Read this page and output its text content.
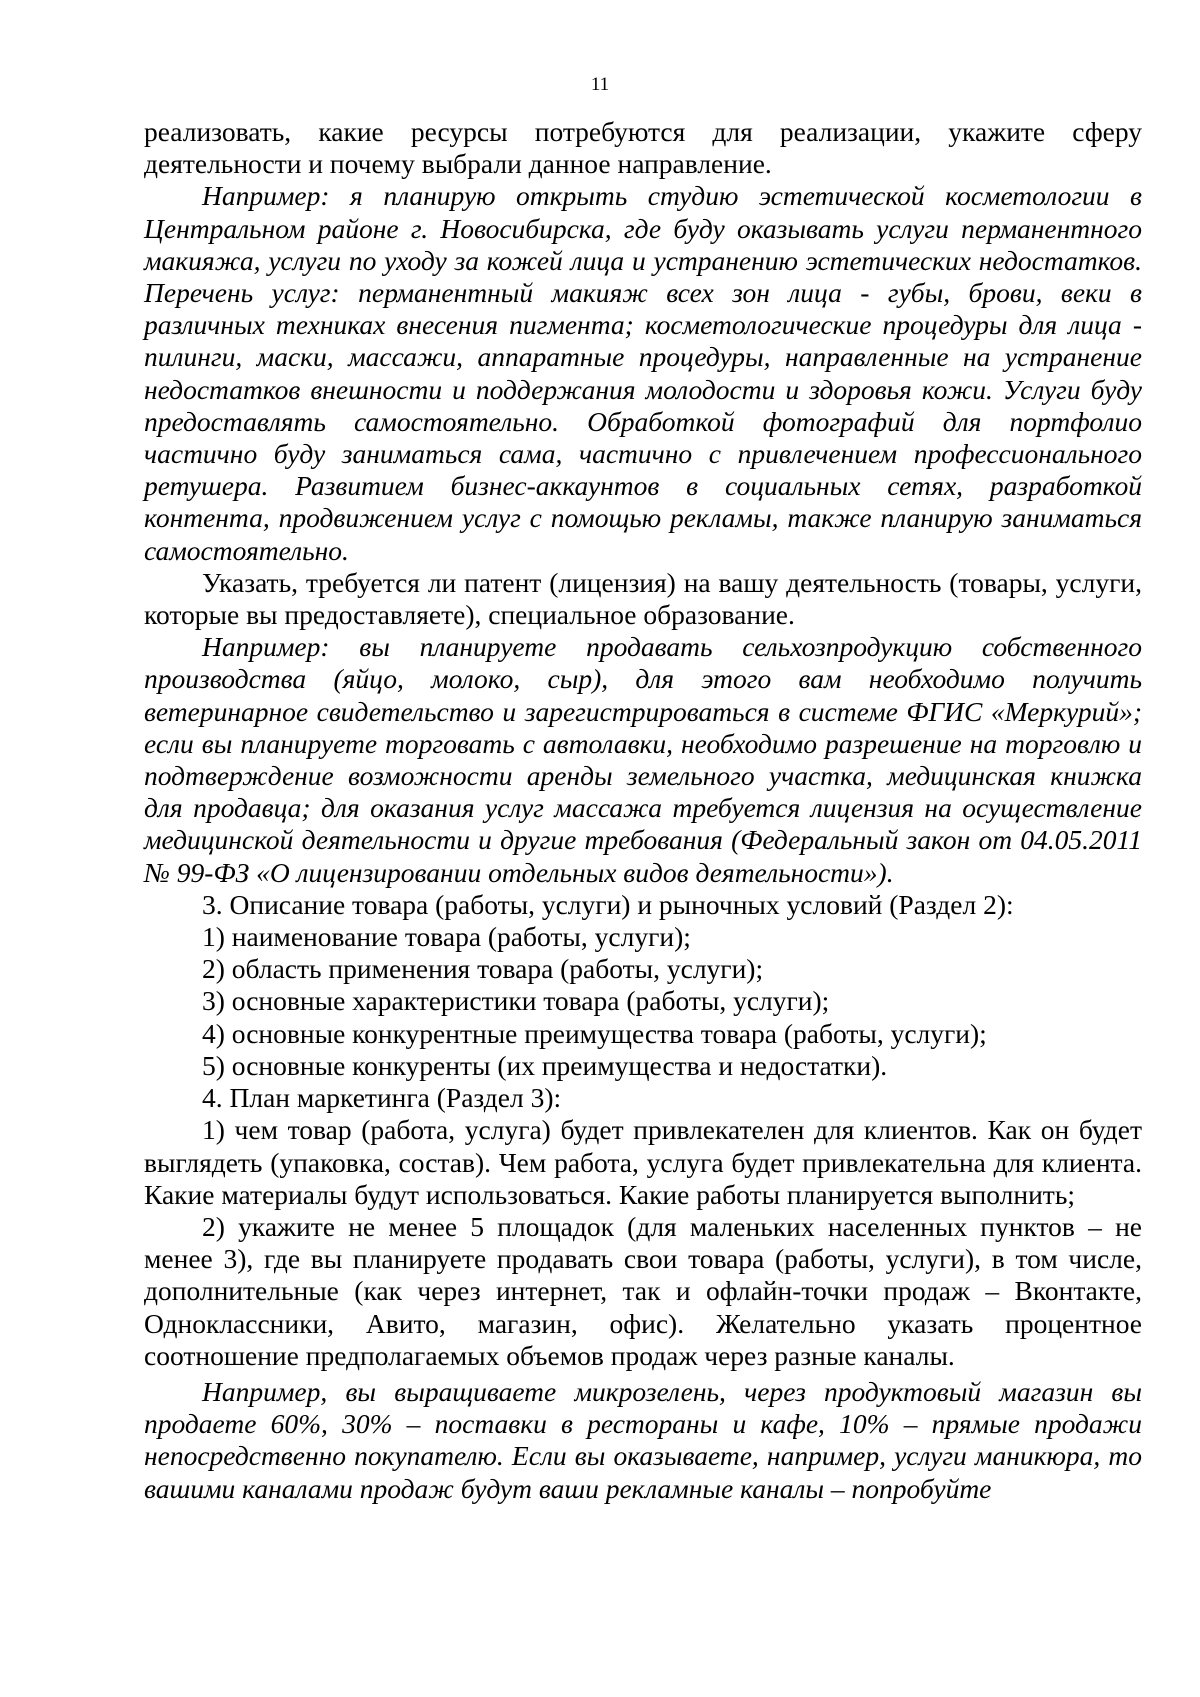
11

реализовать, какие ресурсы потребуются для реализации, укажите сферу деятельности и почему выбрали данное направление.

Например: я планирую открыть студию эстетической косметологии в Центральном районе г. Новосибирска, где буду оказывать услуги перманентного макияжа, услуги по уходу за кожей лица и устранению эстетических недостатков. Перечень услуг: перманентный макияж всех зон лица - губы, брови, веки в различных техниках внесения пигмента; косметологические процедуры для лица - пилинги, маски, массажи, аппаратные процедуры, направленные на устранение недостатков внешности и поддержания молодости и здоровья кожи. Услуги буду предоставлять самостоятельно. Обработкой фотографий для портфолио частично буду заниматься сама, частично с привлечением профессионального ретушера. Развитием бизнес-аккаунтов в социальных сетях, разработкой контента, продвижением услуг с помощью рекламы, также планирую заниматься самостоятельно.

Указать, требуется ли патент (лицензия) на вашу деятельность (товары, услуги, которые вы предоставляете), специальное образование.

Например: вы планируете продавать сельхозпродукцию собственного производства (яйцо, молоко, сыр), для этого вам необходимо получить ветеринарное свидетельство и зарегистрироваться в системе ФГИС «Меркурий»; если вы планируете торговать с автолавки, необходимо разрешение на торговлю и подтверждение возможности аренды земельного участка, медицинская книжка для продавца; для оказания услуг массажа требуется лицензия на осуществление медицинской деятельности и другие требования (Федеральный закон от 04.05.2011 № 99-ФЗ «О лицензировании отдельных видов деятельности»).

3. Описание товара (работы, услуги) и рыночных условий (Раздел 2):

1) наименование товара (работы, услуги);

2) область применения товара (работы, услуги);

3) основные характеристики товара (работы, услуги);

4) основные конкурентные преимущества товара (работы, услуги);

5) основные конкуренты (их преимущества и недостатки).

4. План маркетинга (Раздел 3):

1) чем товар (работа, услуга) будет привлекателен для клиентов. Как он будет выглядеть (упаковка, состав). Чем работа, услуга будет привлекательна для клиента. Какие материалы будут использоваться. Какие работы планируется выполнить;

2) укажите не менее 5 площадок (для маленьких населенных пунктов – не менее 3), где вы планируете продавать свои товара (работы, услуги), в том числе, дополнительные (как через интернет, так и офлайн-точки продаж – Вконтакте, Одноклассники, Авито, магазин, офис). Желательно указать процентное соотношение предполагаемых объемов продаж через разные каналы.

Например, вы выращиваете микрозелень, через продуктовый магазин вы продаете 60%, 30% – поставки в рестораны и кафе, 10% – прямые продажи непосредственно покупателю. Если вы оказываете, например, услуги маникюра, то вашими каналами продаж будут ваши рекламные каналы – попробуйте
